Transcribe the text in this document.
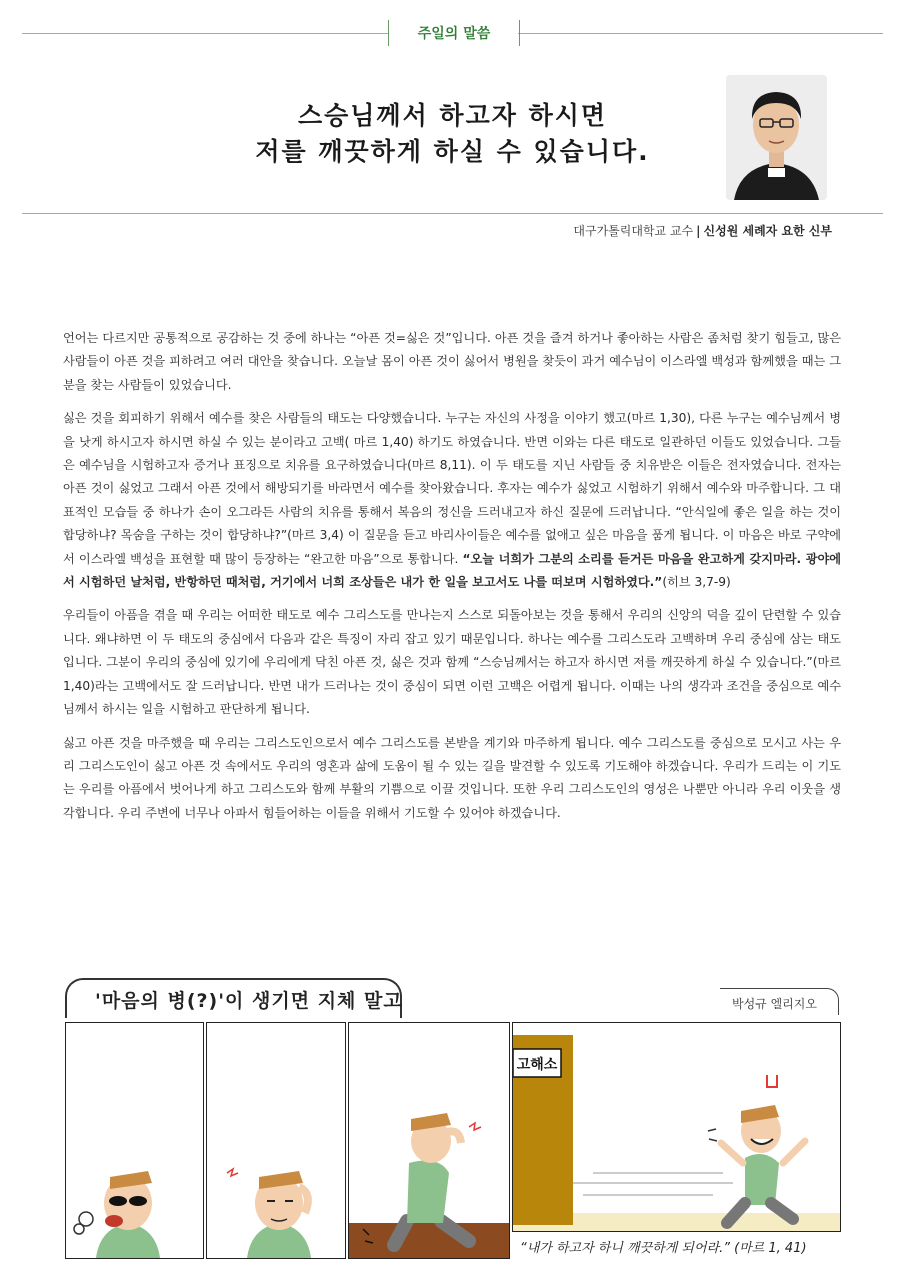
주일의 말씀
스승님께서 하고자 하시면
저를 깨끗하게 하실 수 있습니다.
대구가톨릭대학교 교수 | 신성원 세례자 요한 신부

언어는 다르지만 공통적으로 공감하는 것 중에 하나는 “아픈 것=싫은 것”입니다. 아픈 것을 즐겨 하거나 좋아하는 사람은 좀처럼 찾기 힘들고, 많은 사람들이 아픈 것을 피하려고 여러 대안을 찾습니다. 오늘날 몸이 아픈 것이 싫어서 병원을 찾듯이 과거 예수님이 이스라엘 백성과 함께했을 때는 그분을 찾는 사람들이 있었습니다.

싫은 것을 회피하기 위해서 예수를 찾은 사람들의 태도는 다양했습니다. 누구는 자신의 사정을 이야기 했고(마르 1,30), 다른 누구는 예수님께서 병을 낫게 하시고자 하시면 하실 수 있는 분이라고 고백( 마르 1,40) 하기도 하였습니다. 반면 이와는 다른 태도로 일관하던 이들도 있었습니다. 그들은 예수님을 시험하고자 증거나 표징으로 치유를 요구하였습니다(마르 8,11). 이 두 태도를 지닌 사람들 중 치유받은 이들은 전자였습니다. 전자는 아픈 것이 싫었고 그래서 아픈 것에서 해방되기를 바라면서 예수를 찾아왔습니다. 후자는 예수가 싫었고 시험하기 위해서 예수와 마주합니다. 그 대표적인 모습들 중 하나가 손이 오그라든 사람의 치유를 통해서 복음의 정신을 드러내고자 하신 질문에 드러납니다. “안식일에 좋은 일을 하는 것이 합당하냐? 목숨을 구하는 것이 합당하냐?”(마르 3,4) 이 질문을 듣고 바리사이들은 예수를 없애고 싶은 마음을 품게 됩니다. 이 마음은 바로 구약에서 이스라엘 백성을 표현할 때 많이 등장하는 “완고한 마음”으로 통합니다. “오늘 너희가 그분의 소리를 듣거든 마음을 완고하게 갖지마라. 광야에서 시험하던 날처럼, 반항하던 때처럼, 거기에서 너희 조상들은 내가 한 일을 보고서도 나를 떠보며 시험하였다.”(히브 3,7-9)

우리들이 아픔을 겪을 때 우리는 어떠한 태도로 예수 그리스도를 만나는지 스스로 되돌아보는 것을 통해서 우리의 신앙의 덕을 깊이 단련할 수 있습니다. 왜냐하면 이 두 태도의 중심에서 다음과 같은 특징이 자리 잡고 있기 때문입니다. 하나는 예수를 그리스도라 고백하며 우리 중심에 삼는 태도입니다. 그분이 우리의 중심에 있기에 우리에게 닥친 아픈 것, 싫은 것과 함께 “스승님께서는 하고자 하시면 저를 깨끗하게 하실 수 있습니다.”(마르 1,40)라는 고백에서도 잘 드러납니다. 반면 내가 드러나는 것이 중심이 되면 이런 고백은 어렵게 됩니다. 이때는 나의 생각과 조건을 중심으로 예수님께서 하시는 일을 시험하고 판단하게 됩니다.

싫고 아픈 것을 마주했을 때 우리는 그리스도인으로서 예수 그리스도를 본받을 계기와 마주하게 됩니다. 예수 그리스도를 중심으로 모시고 사는 우리 그리스도인이 싫고 아픈 것 속에서도 우리의 영혼과 삶에 도움이 될 수 있는 길을 발견할 수 있도록 기도해야 하겠습니다. 우리가 드리는 이 기도는 우리를 아픔에서 벗어나게 하고 그리스도와 함께 부활의 기쁨으로 이끌 것입니다. 또한 우리 그리스도인의 영성은 나뿐만 아니라 우리 이웃을 생각합니다. 우리 주변에 너무나 아파서 힘들어하는 이들을 위해서 기도할 수 있어야 하겠습니다.

'마음의 병(?)'이 생기면 지체 말고	박성규 엘리지오
고해소
“내가 하고자 하니 깨끗하게 되어라.” (마르 1, 41)
